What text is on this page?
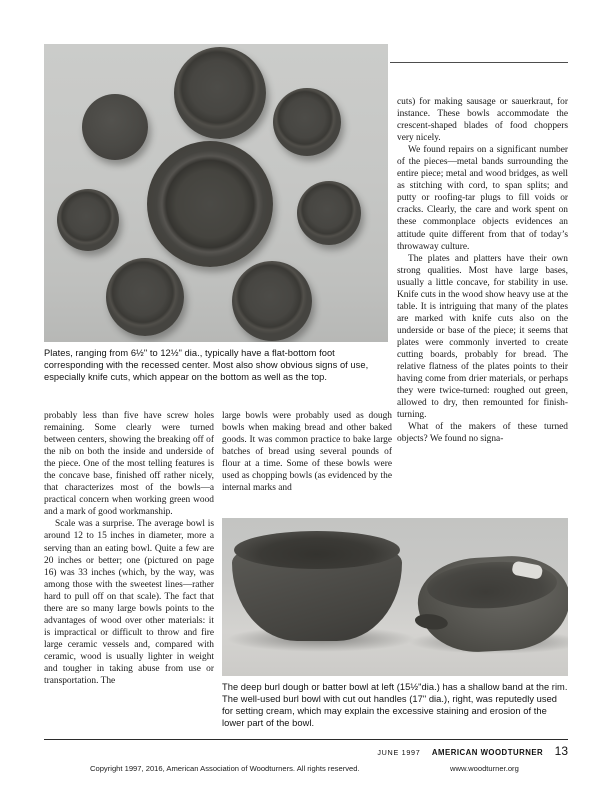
Plates, ranging from 6½" to 12½" dia., typically have a flat-bottom foot corresponding with the recessed center. Most also show obvious signs of use, especially knife cuts, which appear on the bottom as well as the top.

cuts) for making sausage or sauerkraut, for instance. These bowls accommodate the crescent-shaped blades of food choppers very nicely.

We found repairs on a significant number of the pieces—metal bands surrounding the entire piece; metal and wood bridges, as well as stitching with cord, to span splits; and putty or roofing-tar plugs to fill voids or cracks. Clearly, the care and work spent on these commonplace objects evidences an attitude quite different from that of today’s throwaway culture.

The plates and platters have their own strong qualities. Most have large bases, usually a little concave, for stability in use. Knife cuts in the wood show heavy use at the table. It is intriguing that many of the plates are marked with knife cuts also on the underside or base of the piece; it seems that plates were commonly inverted to create cutting boards, probably for bread. The relative flatness of the plates points to their having come from drier materials, or perhaps they were twice-turned: roughed out green, allowed to dry, then remounted for finish-turning.

What of the makers of these turned objects? We found no signa-

probably less than five have screw holes remaining. Some clearly were turned between centers, showing the breaking off of the nib on both the inside and underside of the piece. One of the most telling features is the concave base, finished off rather nicely, that characterizes most of the bowls—a practical concern when working green wood and a mark of good workmanship.

Scale was a surprise. The average bowl is around 12 to 15 inches in diameter, more a serving than an eating bowl. Quite a few are 20 inches or better; one (pictured on page 16) was 33 inches (which, by the way, was among those with the sweetest lines—rather hard to pull off on that scale). The fact that there are so many large bowls points to the advantages of wood over other materials: it is impractical or difficult to throw and fire large ceramic vessels and, compared with ceramic, wood is usually lighter in weight and tougher in taking abuse from use or transportation. The

large bowls were probably used as dough bowls when making bread and other baked goods. It was common practice to bake large batches of bread using several pounds of flour at a time. Some of these bowls were used as chopping bowls (as evidenced by the internal marks and

The deep burl dough or batter bowl at left (15½"dia.) has a shallow band at the rim. The well-used burl bowl with cut out handles (17" dia.), right, was reputedly used for setting cream, which may explain the excessive staining and erosion of the lower part of the bowl.
JUNE 1997 AMERICAN WOODTURNER 13
Copyright 1997, 2016, American Association of Woodturners. All rights reserved.	www.woodturner.org
